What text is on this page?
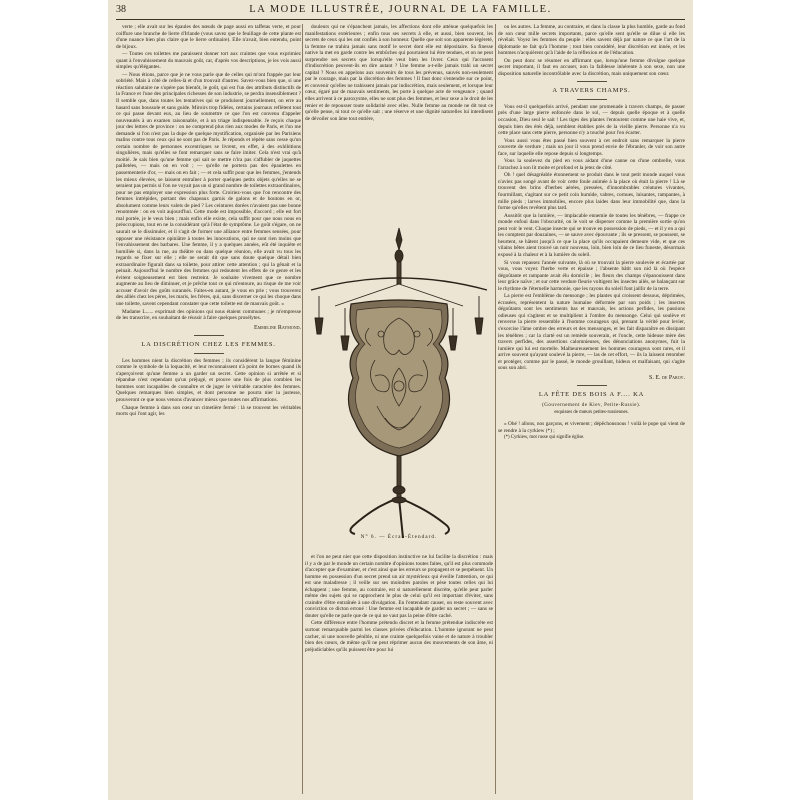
38	LA MODE ILLUSTRÉE, JOURNAL DE LA FAMILLE.

verte ; elle avait sur les épaules des nœuds de page aussi en taffetas verte, et pour coiffure une branche de lierre d'Irlande (vous savez que le feuillage de cette plante est d'une nuance bien plus claire que le lierre ordinaire). Elle n'avait, bien entendu, point de bijoux.

— Toutes ces toilettes me paraissent donner tort aux craintes que vous exprimiez quant à l'envahissement du mauvais goût, car, d'après vos descriptions, je les vois aussi simples qu'élégantes.

— Nous étions, parce que je ne vous parle que de celles qui m'ont frappée par leur sobriété. Mais à côté de celles-là et d'un trouvait d'autres. Savez-vous bien que, si une réaction salutaire ne s'opère pas bientôt, le goût, qui est l'un des attributs distinctifs de la France et l'une des principales richesses de son industrie, se perdra insensiblement ? Il semble que, dans toutes les tentatives qui se produisent journellement, on erre au hasard sans boussole et sans guide. Miroirs trop fidèles, certains journaux reflètent tout ce qui passe devant eux, au lieu de soumettre ce que l'on est convenu d'appeler nouveautés à un examen raisonnable, et à un triage indispensable. Je reçois chaque jour des lettres de province : on ne comprend plus rien aux modes de Paris, et l'on me demande si l'on n'est pas la dupe de quelque mystification, organisée par les Parisiens malins contre tous ceux qui ne sont pas de Paris. Je réponds et répète sans cesse qu'un certain nombre de personnes excentriques se livrent, en effet, à des exhibitions singulières, mais qu'elles se font remarquer sans se faire imiter. Cela n'est vrai qu'à moitié. Je sais bien qu'une femme qui sait se mettre n'ira pas s'affubler de jaquettes pailletées, — mais on en voit ; — qu'elle ne portera pas des épaulettes en passementerie d'or, — mais on en fait ; — et cela suffit pour que les femmes, j'entends les mieux élevées, se laissent entraîner à porter quelques petits objets qu'elles ne se seraient pas permis si l'on ne voyait pas un si grand nombre de toilettes extraordinaires, pour ne pas employer une expression plus forte. Croiriez-vous que l'on rencontre des femmes intrépides, portant des chapeaux garnis de galons et de boutons en or, absolument comme leurs valets de pied ? Les ceintures dorées n'avaient pas une bonne renommée : on en voit aujourd'hui. Cette mode est impossible, d'accord ; elle est fort mal portée, je le veux bien ; mais enfin elle existe, cela suffit pour que nous nous en préoccupions, tout en ne la considérant qu'à l'état de symptôme. Le goût s'égare, on ne saurait se le dissimuler, et il s'agit de former une alliance entre femmes sensées, pour opposer une résistance opiniâtre à toutes les innovations, qui ne sont rien moins que l'envahissement des barbares. Une femme, il y a quelques années, eût été inquiète et humiliée si, dans la rue, au théâtre ou dans quelque réunion, elle avait vu tous les regards se fixer sur elle ; elle ne serait dit que sans doute quelque détail bien extraordinaire figurait dans sa toilette, pour attirer cette attention ; qui la gênait et la peinait. Aujourd'hui le nombre des femmes qui redoutent les effets de ce genre et les évitent soigneusement est bien restreint. Je souhaite vivement que ce nombre augmente au lieu de diminuer, et je prêche tout ce qui m'entoure, au risque de me voir accuser d'avoir des goûts surannés. Faites-en autant, je vous en prie ; vous trouverez des alliés chez les pères, les maris, les frères, qui, sans discerner ce qui les choque dans une toilette, savent cependant constater que cette toilette est de mauvais goût. »

Madame L...... exprimait des opinions qui nous étaient communes ; je m'empresse de les transcrire, en souhaitant de réussir à faire quelques prosélytes.

Emmeline Raymond.
LA DISCRÉTION CHEZ LES FEMMES.

Les hommes nient la discrétion des femmes ; ils considèrent la langue féminine comme le symbole de la loquacité, et leur reconnaissent n'à point de bornes quand ils s'aperçoivent qu'une femme a un garder un secret. Cette opinion si arrêtée et si répandue n'est cependant qu'un préjugé, et prouve une fois de plus combien les hommes sont incapables de connaître et de juger le véritable caractère des femmes. Quelques remarques bien simples, et dont personne ne pourra nier la justesse, prouveront ce que nous venons d'avancer mieux que toutes nos affirmations.

Chaque femme à dans son cœur un cimetière fermé : là se trouvent les véritables morts qui l'ont agir, les

douleurs qui ne s'épanchent jamais, les affections dont elle atténue quelquefois les manifestations extérieures ; enfin tous ses secrets à elle, et aussi, bien souvent, les secrets de ceux qui les ont confiés à son honneur. Quelle que soit son apparente légèreté, la femme ne trahira jamais sans motif le secret dont elle est dépositaire. Sa finesse native la met en garde contre les embûches qui pourraient lui être tendues, et on ne peut surprendre ses secrets que lorsqu'elle veut bien les livrer. Ceux qui l'accusent d'indiscrétion peuvent-ils en dire autant ? Une femme a-t-elle jamais trahi un secret capital ? Nous en appelons aux souvenirs de tous les prévenus, sauvés non-seulement par le courage, mais par la discrétion des femmes ! Il faut donc s'entendre sur ce point, et convenir qu'elles ne trahissent jamais par indiscrétion, mais seulement, et lorsque leur cœur, égaré par de mauvais sentiments, les porte à quelque acte de vengeance ; quand elles arrivent à ce paroxysme, elles ne sont plus des femmes, et leur sexe a le droit de les renier et de repousser toute solidarité avec elles. Nulle femme au monde ne dit tout ce qu'elle pense, ni tout ce qu'elle sait ; une réserve et une dignité naturelles lui interdisent de dévoiler son âme tout entière,

N° 6. — Écran-Étendard.

et l'on ne peut nier que cette disposition instinctive ne lui facilite la discrétion : mais il y a de par le monde un certain nombre d'opinions toutes faites, qu'il est plus commode d'accepter que d'examiner, et c'est ainsi que les erreurs se propagent et se perpétuent. Un homme en possession d'un secret prend un air mystérieux qui éveille l'attention, ce qui est une maladresse ; il veille sur ses moindres paroles et pèse toutes celles qui lui échappent ; une femme, au contraire, est si naturellement discrète, qu'elle peut parler même des sujets qui se rapprochent le plus de celui qu'il est important d'éviter, sans craindre d'être entraînée à une divulgation. En l'entendant causer, on reste souvent avec conviction ce dicton erroné : Une femme est incapable de garder un secret ; — sans se douter qu'elle ne parle que de ce qui ne vaut pas la peine d'être caché.

Cette différence entre l'homme prétendu discret et la femme prétendue indiscrète est surtout remarquable parmi les classes privées d'éducation. L'homme ignorant ne peut cacher, ni une nouvelle pénible, ni une crainte quelquefois vaine et de nature à troubler bien des cœurs, de même qu'il ne peut réprimer aucun des mouvements de son âme, ni préjudiciables qu'ils puissent être pour lui

ou les autres. La femme, au contraire, et dans la classe la plus humble, garde au fond de son cœur mille secrets importants, parce qu'elle sent qu'elle se dilue si elle les révélait. Voyez les femmes du peuple : elles savent déjà par nature ce que l'art de la diplomatie ne fait qu'à l'homme ; tout bien considéré, leur discrétion est innée, et les hommes n'acquièrent qu'à l'aide de la réflexion et de l'éducation.

On peut donc se résumer en affirmant que, lorsqu'une femme divulgue quelque secret important, il faut en accuser, non la faiblesse inhérente à son sexe, non une disposition naturelle incontrôlable avec la discrétion, mais uniquement son cœur.

A TRAVERS CHAMPS.

Vous est-il quelquefois arrivé, pendant une promenade à travers champs, de passer près d'une large pierre enfoncée dans le sol, — depuis quelle époque et à quelle occasion, Dieu seul le sait ! Les tiges des plantes l'entourent comme une haie vive, et, depuis bien des étés déjà, semblent établies près de la vieille pierre. Personne n'a vu cette place sans cette pierre, personne n'y a touché pour l'en écarter.

Vous aussi vous êtes passé bien souvent à cet endroit sans remarquer la pierre couverte de verdure ; mais un jour il vous prend envie de l'ébranler, de voir son autre face, sur laquelle elle repose depuis si longtemps.

Vous la soulevez du pied en vous aidant d'une canne ou d'une ombrelle, vous l'arrachez à son lit moite et profond et la jetez de côté.

Oh ! quel désagréable étonnement se produit dans le tout petit monde auquel vous n'aviez pas songé avant de voir cette foule animée à la place où était la pierre ! Là se trouvent des brins d'herbes aérées, pressées, d'innombrables créatures vivantes, fourmillant, s'agitant sur ce petit coin humide, vabres, cornues, luisantes, rampantes, à mille pieds ; larves immobiles, encore plus laides dans leur immobilité que, dans la forme qu'elles revêtent plus tard.

Aussitôt que la lumière, — implacable ennemie de toutes les ténèbres, — frappe ce monde enfoui dans l'obscurité, on le voit se disperser comme la première sortie qu'on peut voir le vent. Chaque insecte qui se trouve en possession de pieds, — et il y en a qui les comptent par douzaines, — se sauve avec épouvante ; ils se pressent, se poussent, se heurtent, se hâtent jusqu'à ce que la place qu'ils occupaient demeure vide, et que ces vilains bêtes aient trouvé un noir nouveau, loin, bien loin de ce lieu funeste, désormais exposé à la chaleur et à la lumière du soleil.

Si vous repassez l'année suivante, là où se trouvait la pierre soulevée et écartée par vous, vous voyez l'herbe verte et épaisse ; l'absente bâtit son nid là où l'espèce dégoûtante et rampante avait élu domicile ; les fleurs des champs s'épanouissent dans leur grâce naïve ; et sur cette verdure fleurie voltigent les insectes ailés, se balançant sur le rhythme de l'éternelle harmonie, que les rayons du soleil font jaillir de la terre.

La pierre est l'emblème du mensonge ; les plantes qui croissent dessous, déprimées, écrasées, représentent la nature humaine déformée par son poids ; les insectes dégoûtants sont les sentiments bas et mauvais, les actions perfides, les passions odieuses qui s'agitent et se multiplient à l'ombre du mensonge. Celui qui soulève et renverse la pierre ressemble à l'homme courageux qui, prenant la vérité pour levier, s'exorcise l'âme ombre des erreurs et des mensonges, et les fait disparaître en dissipant les ténèbres ; car la clarté est un remède souverain, et l'oncle, cette hideuse mère des travers perfides, des assertions calomnieuses, des dénonciations anonymes, fuit la lumière qui lui est mortelle. Malheureusement les hommes courageux sont rares, et il arrive souvent qu'ayant soulevé la pierre, — las de cet effort, — ils la laissent retomber et protéger, comme par le passé, le monde grouillant, hideux et malfaisant, qui s'agite sous son abri.

S. E. de Parov.
LA FÊTE DES BOIS A F.... KA
(Gouvernement de Kiev, Petite-Russie).
esquisses de mœurs petites-russiennes.

« Ohé ! allons, nos garçons, et vivement ; dépêchonsnous ! voilà le pope qui vient de se rendre à la cyrkiew (*) ;

(*) Cyrkiew, mot russe qui signifie église.
